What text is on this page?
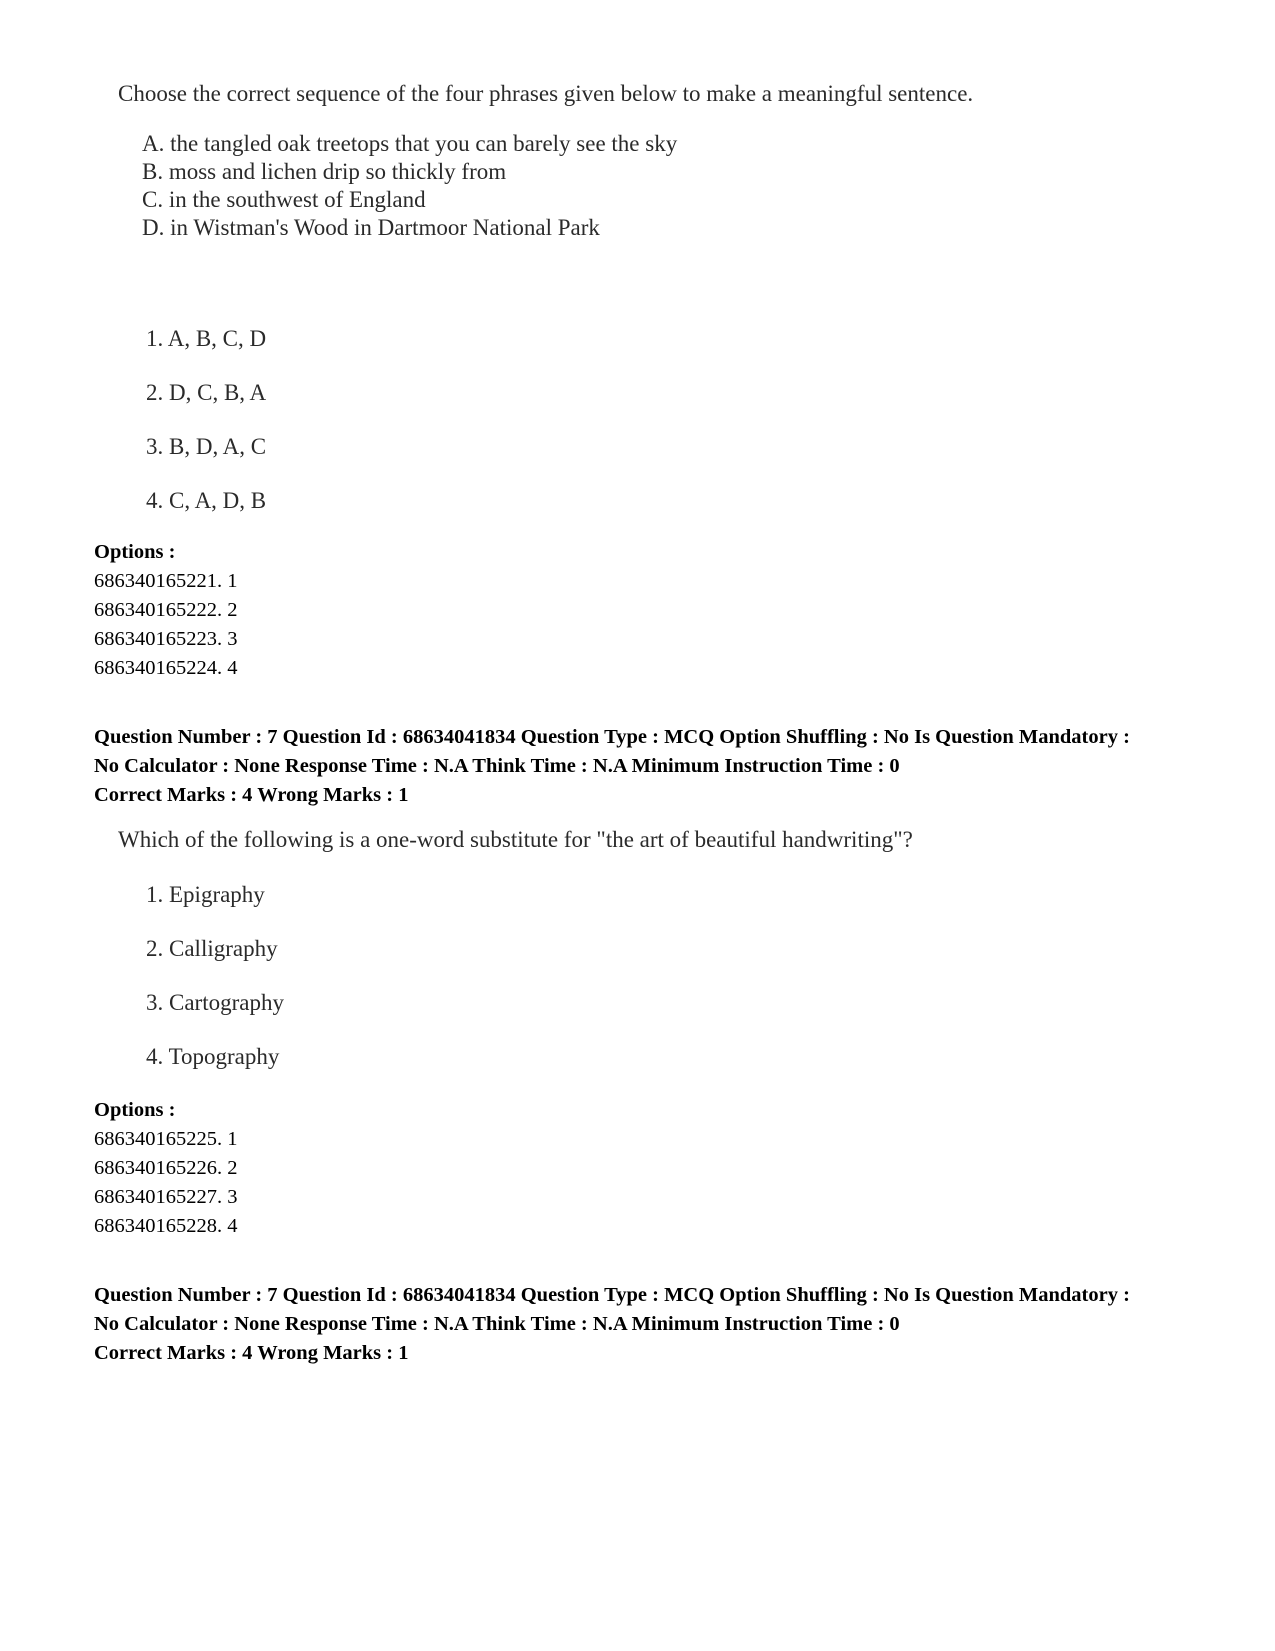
Choose the correct sequence of the four phrases given below to make a meaningful sentence.
A. the tangled oak treetops that you can barely see the sky
B. moss and lichen drip so thickly from
C. in the southwest of England
D. in Wistman's Wood in Dartmoor National Park
1. A, B, C, D
2. D, C, B, A
3. B, D, A, C
4. C, A, D, B
Options :
686340165221. 1
686340165222. 2
686340165223. 3
686340165224. 4
Question Number : 7 Question Id : 68634041834 Question Type : MCQ Option Shuffling : No Is Question Mandatory :
No Calculator : None Response Time : N.A Think Time : N.A Minimum Instruction Time : 0
Correct Marks : 4 Wrong Marks : 1
Which of the following is a one-word substitute for "the art of beautiful handwriting"?
1. Epigraphy
2. Calligraphy
3. Cartography
4. Topography
Options :
686340165225. 1
686340165226. 2
686340165227. 3
686340165228. 4
Question Number : 7 Question Id : 68634041834 Question Type : MCQ Option Shuffling : No Is Question Mandatory :
No Calculator : None Response Time : N.A Think Time : N.A Minimum Instruction Time : 0
Correct Marks : 4 Wrong Marks : 1
